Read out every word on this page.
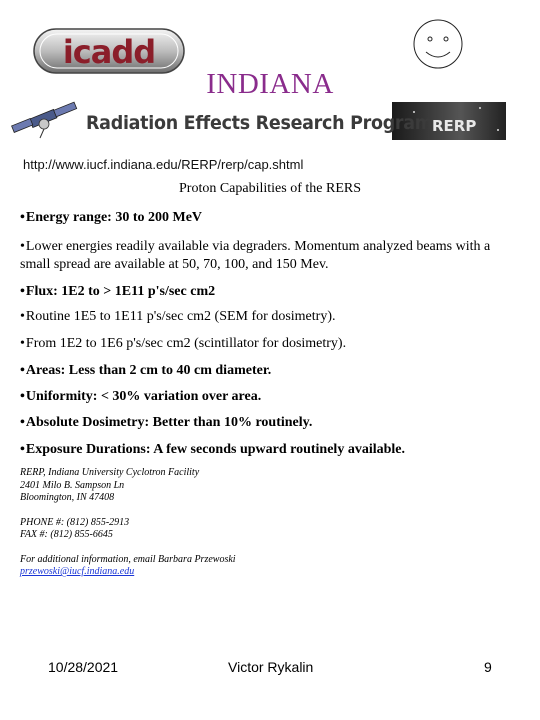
icadd
INDIANA
RERP
Radiation Effects Research Program
http://www.iucf.indiana.edu/RERP/rerp/cap.shtml
Proton Capabilities of the RERS
•Energy range: 30 to 200 MeV
•Lower energies readily available via degraders. Momentum analyzed beams with a small spread are available at 50, 70, 100, and 150 Mev.
•Flux: 1E2 to > 1E11 p's/sec cm2
•Routine 1E5 to 1E11 p's/sec cm2 (SEM for dosimetry).
•From 1E2 to 1E6 p's/sec cm2 (scintillator for dosimetry).
•Areas: Less than 2 cm to 40 cm diameter.
•Uniformity: < 30% variation over area.
•Absolute Dosimetry: Better than 10% routinely.
•Exposure Durations: A few seconds upward routinely available.
RERP, Indiana University Cyclotron Facility
2401 Milo B. Sampson Ln
Bloomington, IN 47408
PHONE #: (812) 855-2913
FAX #: (812) 855-6645
For additional information, email Barbara Przewoski
przewoski@iucf.indiana.edu
10/28/2021	Victor Rykalin	9
